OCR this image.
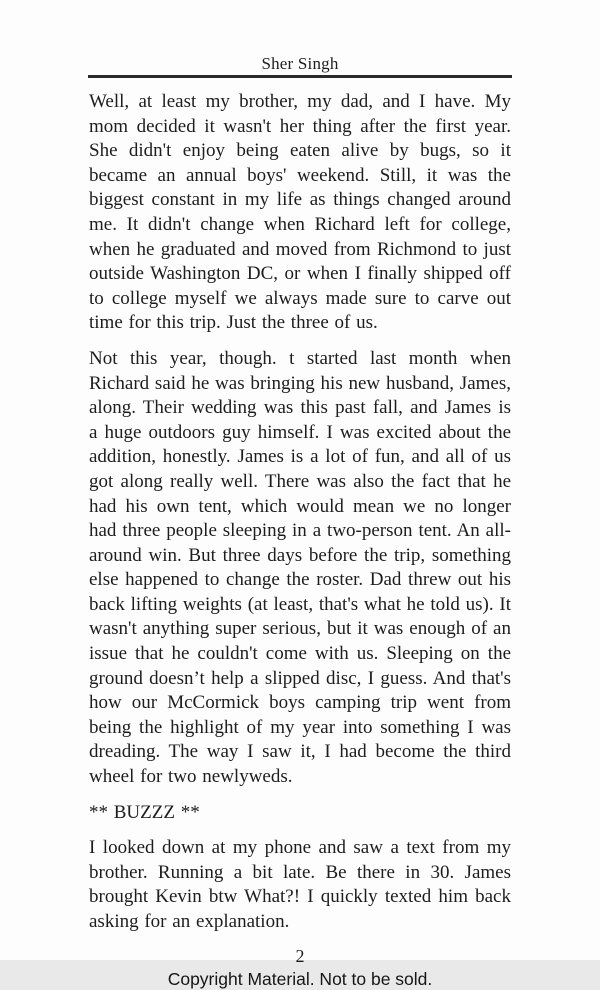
Sher Singh

Well, at least my brother, my dad, and I have. My mom decided it wasn't her thing after the first year. She didn't enjoy being eaten alive by bugs, so it became an annual boys' weekend. Still, it was the biggest constant in my life as things changed around me. It didn't change when Richard left for college, when he graduated and moved from Richmond to just outside Washington DC, or when I finally shipped off to college myself we always made sure to carve out time for this trip. Just the three of us.

Not this year, though. t started last month when Richard said he was bringing his new husband, James, along. Their wedding was this past fall, and James is a huge outdoors guy himself. I was excited about the addition, honestly. James is a lot of fun, and all of us got along really well. There was also the fact that he had his own tent, which would mean we no longer had three people sleeping in a two-person tent. An all-around win. But three days before the trip, something else happened to change the roster. Dad threw out his back lifting weights (at least, that's what he told us). It wasn't anything super serious, but it was enough of an issue that he couldn't come with us. Sleeping on the ground doesn’t help a slipped disc, I guess. And that's how our McCormick boys camping trip went from being the highlight of my year into something I was dreading. The way I saw it, I had become the third wheel for two newlyweds.

** BUZZZ **

I looked down at my phone and saw a text from my brother. Running a bit late. Be there in 30. James brought Kevin btw What?! I quickly texted him back asking for an explanation.

2
Copyright Material. Not to be sold.
